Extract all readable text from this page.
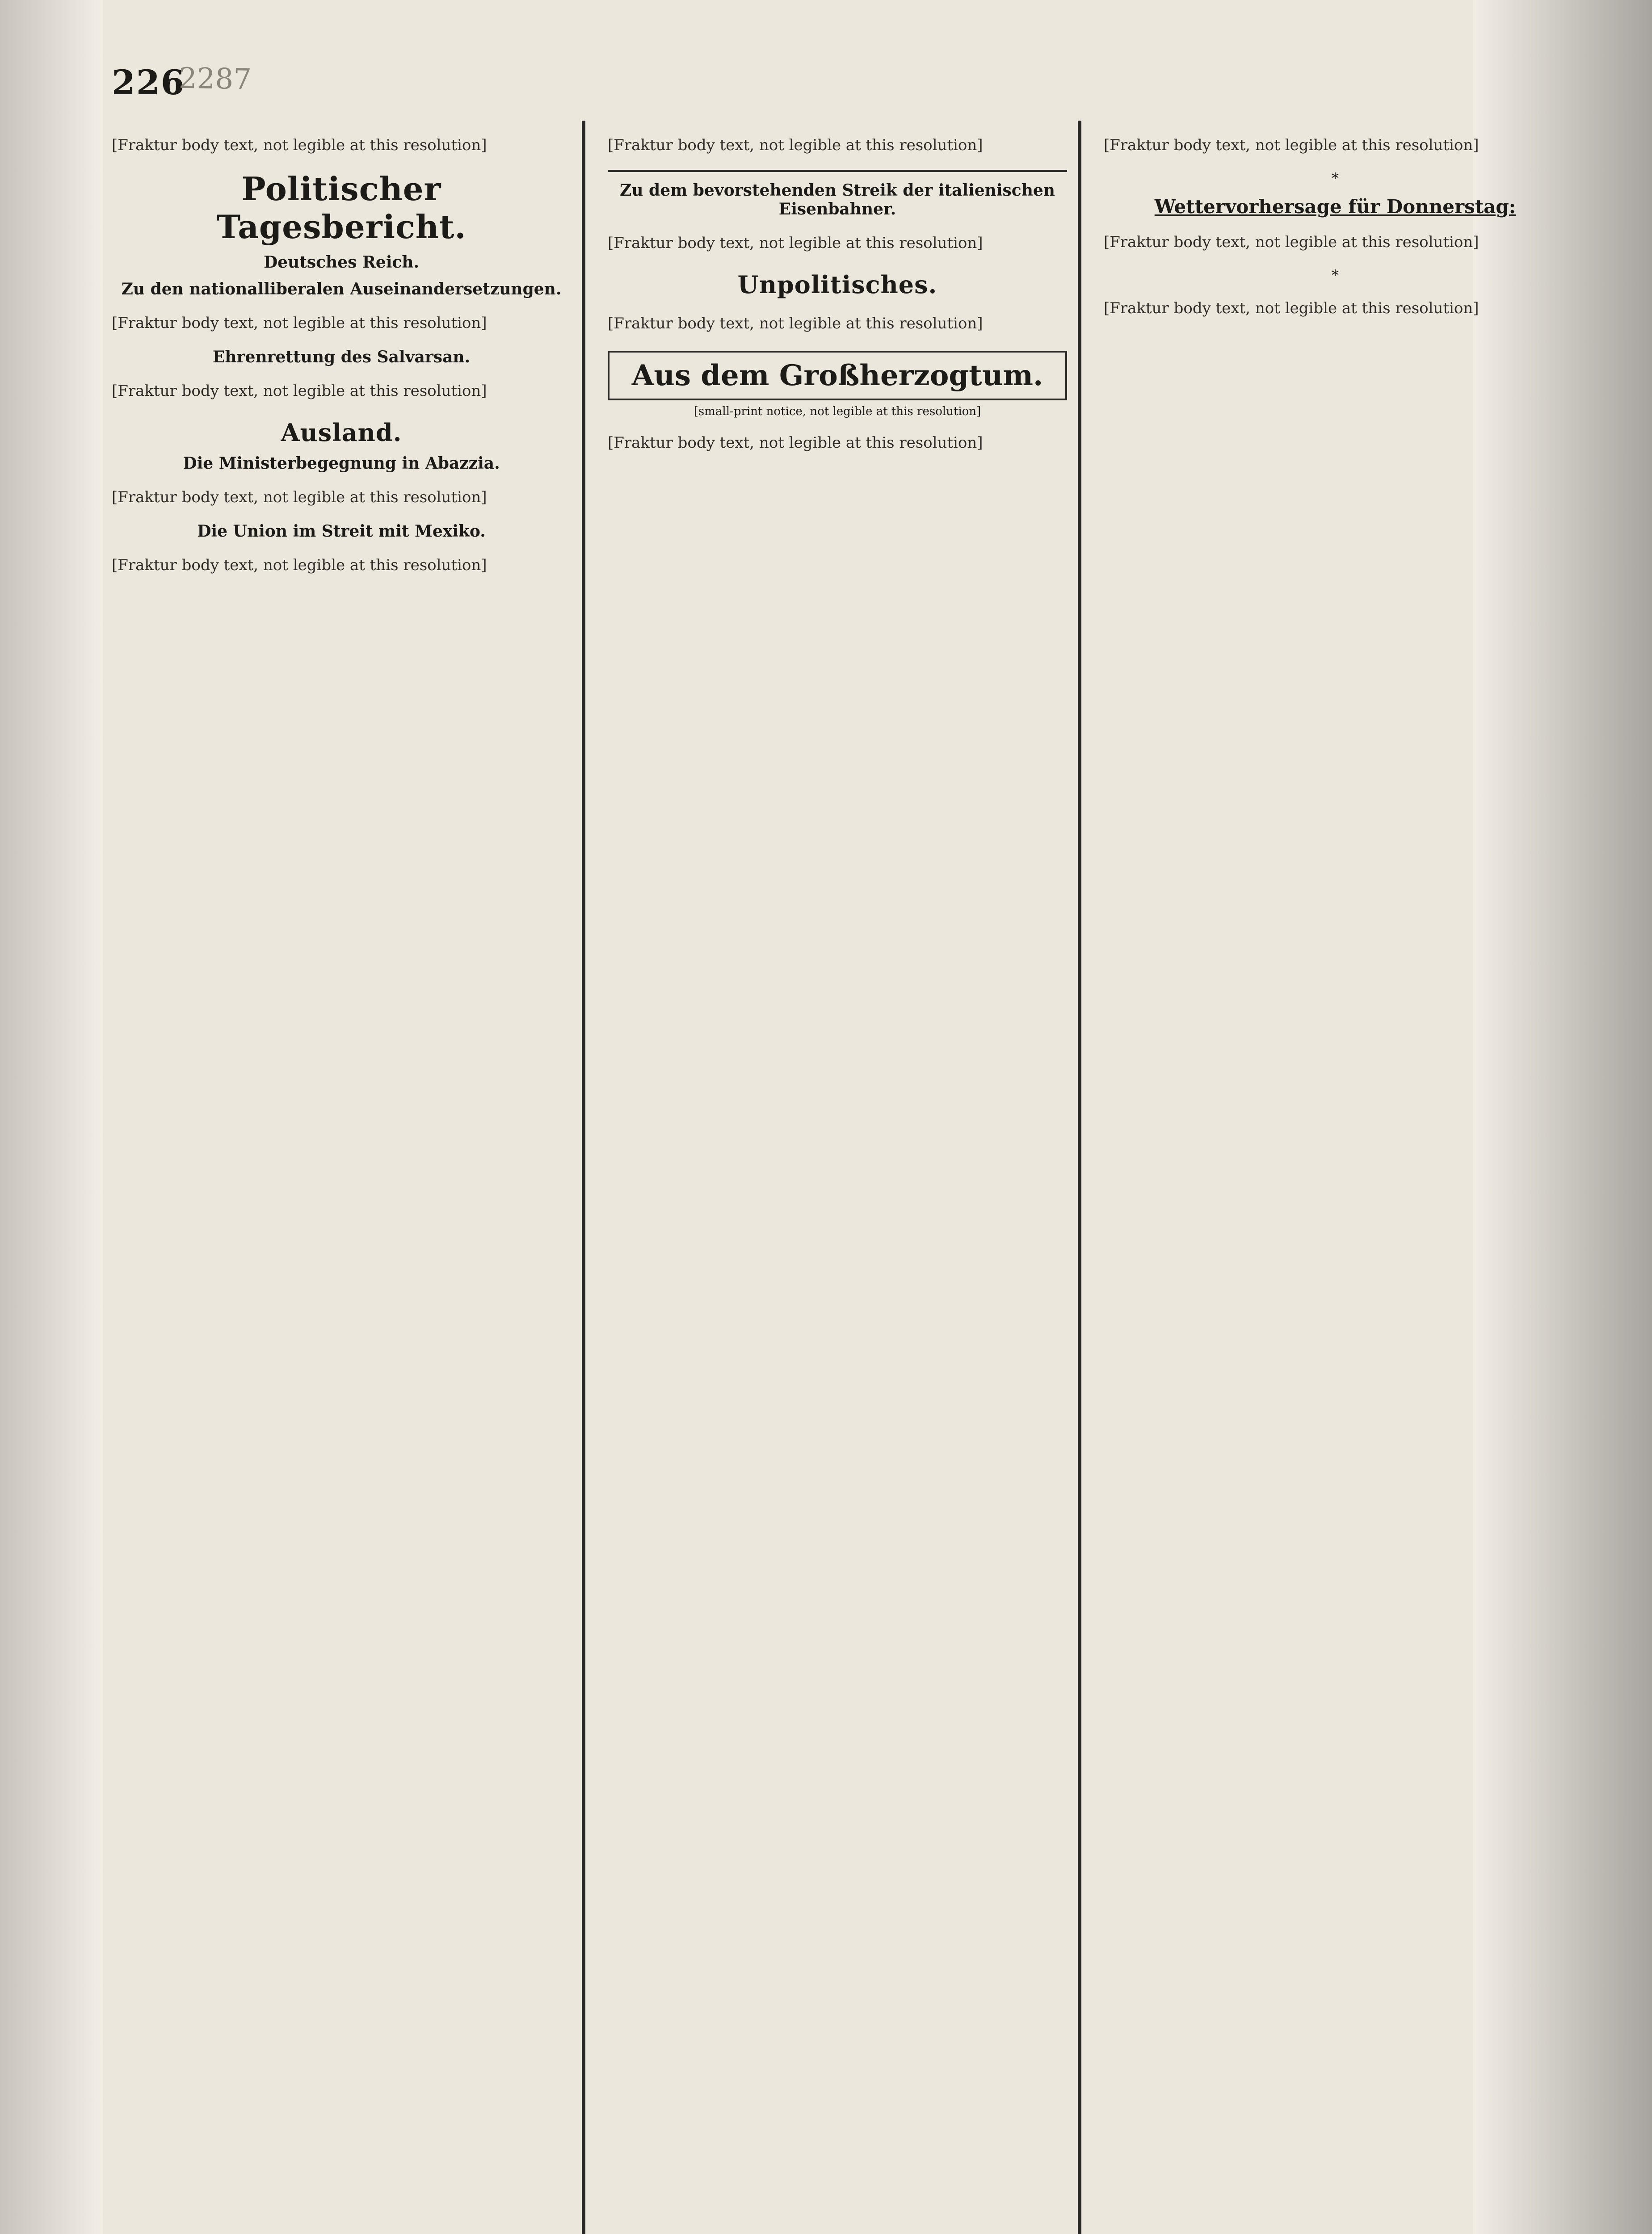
226
2287

[Fraktur body text, not legible at this resolution]

Politischer Tagesbericht.
Deutsches Reich.
Zu den nationalliberalen Auseinandersetzungen.

[Fraktur body text, not legible at this resolution]

Ehrenrettung des Salvarsan.

[Fraktur body text, not legible at this resolution]

Ausland.
Die Ministerbegegnung in Abazzia.

[Fraktur body text, not legible at this resolution]

Die Union im Streit mit Mexiko.

[Fraktur body text, not legible at this resolution]

[Fraktur body text, not legible at this resolution]

Zu dem bevorstehenden Streik der italienischen Eisenbahner.

[Fraktur body text, not legible at this resolution]

Unpolitisches.

[Fraktur body text, not legible at this resolution]

Aus dem Großherzogtum.
[small-print notice, not legible at this resolution]

[Fraktur body text, not legible at this resolution]

[Fraktur body text, not legible at this resolution]

*
Wettervorhersage für Donnerstag:

[Fraktur body text, not legible at this resolution]

*

[Fraktur body text, not legible at this resolution]
